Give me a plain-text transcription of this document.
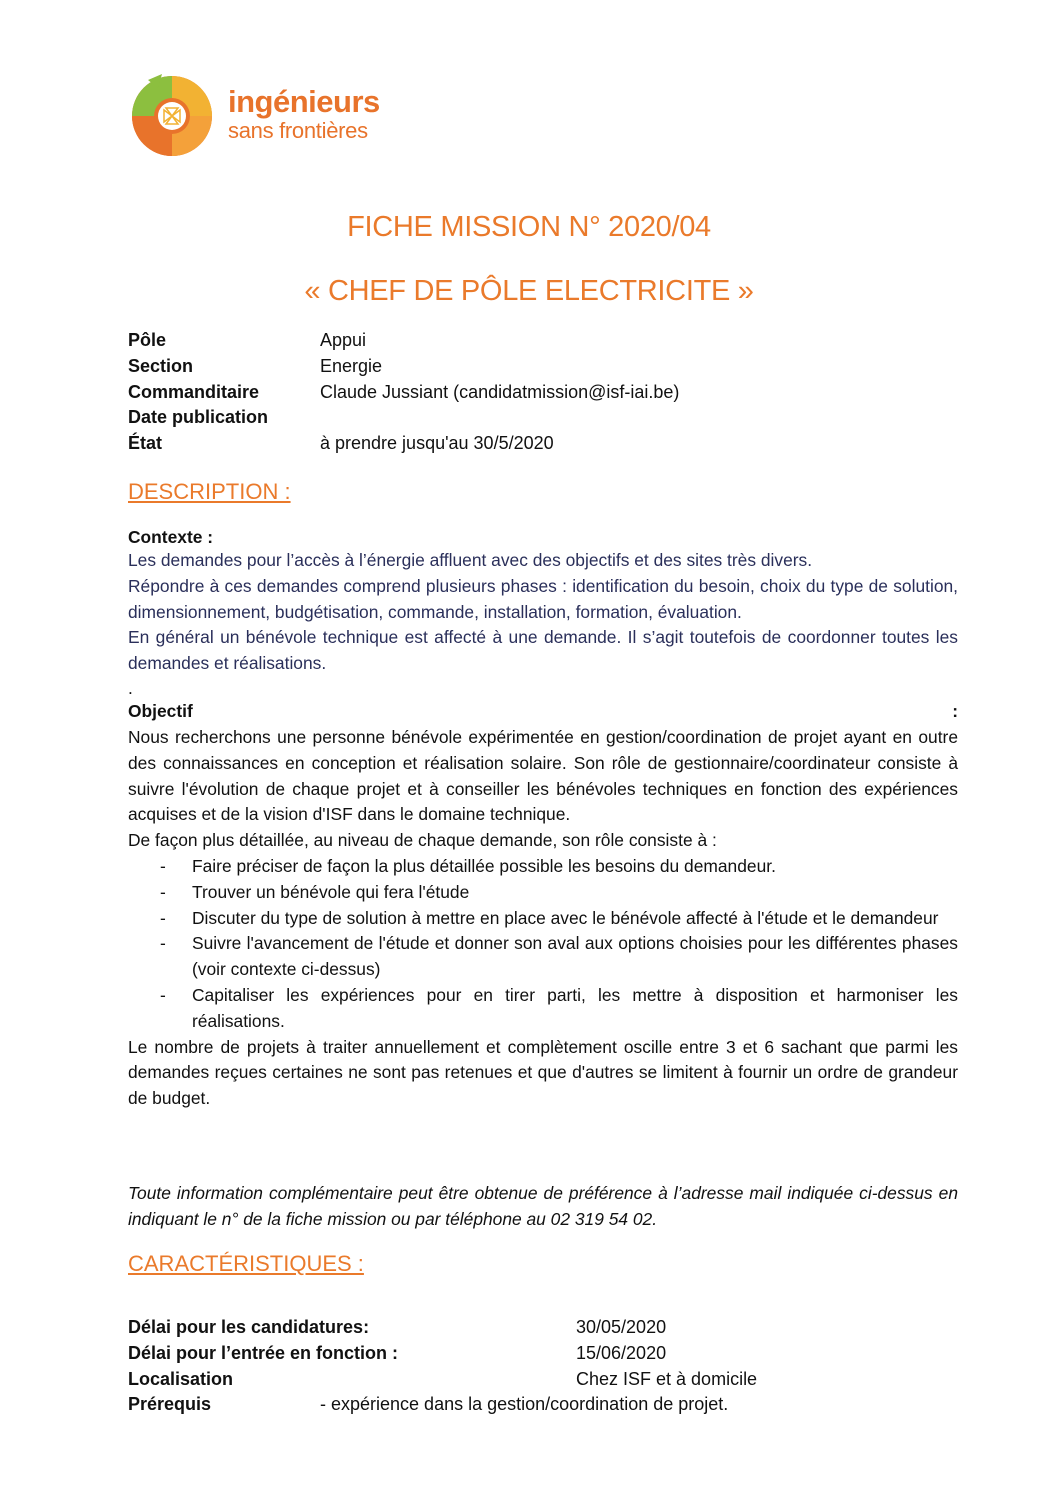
ingénieurs
sans frontières
FICHE MISSION N° 2020/04
« CHEF DE PÔLE ELECTRICITE »
Pôle	Appui
Section	Energie
Commanditaire	Claude Jussiant (candidatmission@isf-iai.be)
Date publication
État	à prendre jusqu'au 30/5/2020
DESCRIPTION :
Contexte :

Les demandes pour l’accès à l’énergie affluent avec des objectifs et des sites très divers.

Répondre à ces demandes comprend plusieurs phases : identification du besoin, choix du type de solution, dimensionnement, budgétisation, commande, installation, formation, évaluation.

En général un bénévole technique est affecté à une demande. Il s’agit toutefois de coordonner toutes les demandes et réalisations.

.
Objectif	:

Nous recherchons une personne bénévole expérimentée en gestion/coordination de projet ayant en outre des connaissances en conception et réalisation solaire. Son rôle de gestionnaire/coordinateur consiste à suivre l'évolution de chaque projet et à conseiller les bénévoles techniques en fonction des expériences acquises et de la vision d'ISF dans le domaine technique.

De façon plus détaillée, au niveau de chaque demande, son rôle consiste à :

- Faire préciser de façon la plus détaillée possible les besoins du demandeur.
- Trouver un bénévole qui fera l'étude
- Discuter du type de solution à mettre en place avec le bénévole affecté à l'étude et le demandeur
- Suivre l'avancement de l'étude et donner son aval aux options choisies pour les différentes phases (voir contexte ci-dessus)
- Capitaliser les expériences pour en tirer parti, les mettre à disposition et harmoniser les réalisations.

Le nombre de projets à traiter annuellement et complètement oscille entre 3 et 6 sachant que parmi les demandes reçues certaines ne sont pas retenues et que d'autres se limitent à fournir un ordre de grandeur de budget.

Toute information complémentaire peut être obtenue de préférence à l’adresse mail indiquée ci-dessus en indiquant le n° de la fiche mission ou par téléphone au 02 319 54 02.
CARACTÉRISTIQUES :
Délai pour les candidatures:	30/05/2020
Délai pour l’entrée en fonction :	15/06/2020
Localisation	Chez ISF et à domicile
Prérequis	- expérience dans la gestion/coordination de projet.
